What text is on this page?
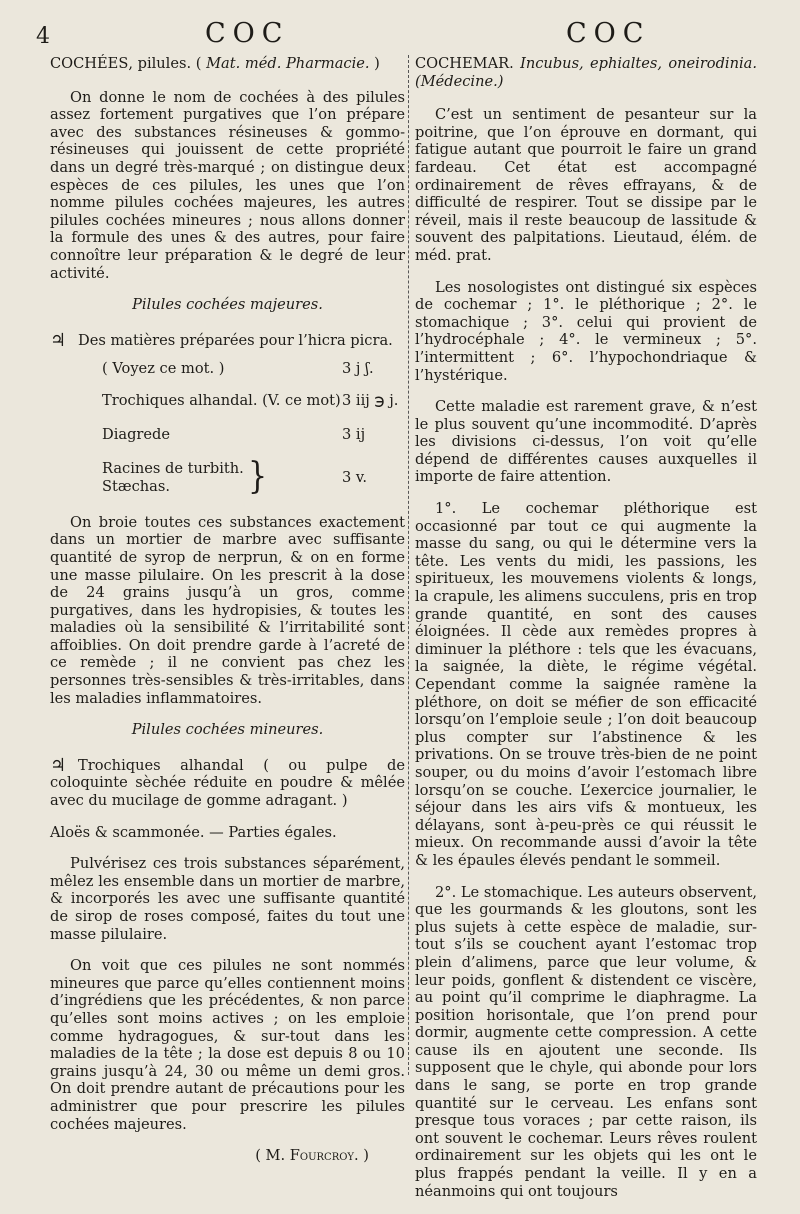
4	COC	COC

COCHÉES, pilules. ( Mat. méd. Pharmacie. )

On donne le nom de cochées à des pilules assez fortement purgatives que l’on prépare avec des substances résineuses & gommo-résineuses qui jouissent de cette propriété dans un degré très-marqué ; on distingue deux espèces de ces pilules, les unes que l’on nomme pilules cochées majeures, les autres pilules cochées mineures ; nous allons donner la formule des unes & des autres, pour faire connoître leur préparation & le degré de leur activité.

Pilules cochées majeures.

♃ Des matières préparées pour l’hicra picra.
( Voyez ce mot. )	3 j ʃ.
Trochiques alhandal. (V. ce mot) 3 iij ℈ j.
Diagrede	3 ij
Racines de turbith.
Stæchas.	}	3 v.

On broie toutes ces substances exactement dans un mortier de marbre avec suffisante quantité de syrop de nerprun, & on en forme une masse pilulaire. On les prescrit à la dose de 24 grains jusqu’à un gros, comme purgatives, dans les hydropisies, & toutes les maladies où la sensibilité & l’irritabilité sont affoiblies. On doit prendre garde à l’acreté de ce remède ; il ne convient pas chez les personnes très-sensibles & très-irritables, dans les maladies inflammatoires.

Pilules cochées mineures.

♃ Trochiques alhandal ( ou pulpe de coloquinte sèchée réduite en poudre & mêlée avec du mucilage de gomme adragant. )

Aloës & scammonée. — Parties égales.

Pulvérisez ces trois substances séparément, mêlez les ensemble dans un mortier de marbre, & incorporés les avec une suffisante quantité de sirop de roses composé, faites du tout une masse pilulaire.

On voit que ces pilules ne sont nommés mineures que parce qu’elles contiennent moins d’ingrédiens que les précédentes, & non parce qu’elles sont moins actives ; on les emploie comme hydragogues, & sur-tout dans les maladies de la tête ; la dose est depuis 8 ou 10 grains jusqu’à 24, 30 ou même un demi gros. On doit prendre autant de précautions pour les administrer que pour prescrire les pilules cochées majeures.

( M. Fourcroy. )

COCHEMAR. Incubus, ephialtes, oneirodinia. (Médecine.)

C’est un sentiment de pesanteur sur la poitrine, que l’on éprouve en dormant, qui fatigue autant que pourroit le faire un grand fardeau. Cet état est accompagné ordinairement de rêves effrayans, & de difficulté de respirer. Tout se dissipe par le réveil, mais il reste beaucoup de lassitude & souvent des palpitations. Lieutaud, élém. de méd. prat.

Les nosologistes ont distingué six espèces de cochemar ; 1°. le pléthorique ; 2°. le stomachique ; 3°. celui qui provient de l’hydrocéphale ; 4°. le vermineux ; 5°. l’intermittent ; 6°. l’hypochondriaque & l’hystérique.

Cette maladie est rarement grave, & n’est le plus souvent qu’une incommodité. D’après les divisions ci-dessus, l’on voit qu’elle dépend de différentes causes auxquelles il importe de faire attention.

1°. Le cochemar pléthorique est occasionné par tout ce qui augmente la masse du sang, ou qui le détermine vers la tête. Les vents du midi, les passions, les spiritueux, les mouvemens violents & longs, la crapule, les alimens succulens, pris en trop grande quantité, en sont des causes éloignées. Il cède aux remèdes propres à diminuer la pléthore : tels que les évacuans, la saignée, la diète, le régime végétal. Cependant comme la saignée ramène la pléthore, on doit se méfier de son efficacité lorsqu’on l’emploie seule ; l’on doit beaucoup plus compter sur l’abstinence & les privations. On se trouve très-bien de ne point souper, ou du moins d’avoir l’estomach libre lorsqu’on se couche. L’exercice journalier, le séjour dans les airs vifs & montueux, les délayans, sont à-peu-près ce qui réussit le mieux. On recommande aussi d’avoir la tête & les épaules élevés pendant le sommeil.

2°. Le stomachique. Les auteurs observent, que les gourmands & les gloutons, sont les plus sujets à cette espèce de maladie, sur-tout s’ils se couchent ayant l’estomac trop plein d’alimens, parce que leur volume, & leur poids, gonflent & distendent ce viscère, au point qu’il comprime le diaphragme. La position horisontale, que l’on prend pour dormir, augmente cette compression. A cette cause ils en ajoutent une seconde. Ils supposent que le chyle, qui abonde pour lors dans le sang, se porte en trop grande quantité sur le cerveau. Les enfans sont presque tous voraces ; par cette raison, ils ont souvent le cochemar. Leurs rêves roulent ordinairement sur les objets qui les ont le plus frappés pendant la veille. Il y en a néanmoins qui ont toujours
